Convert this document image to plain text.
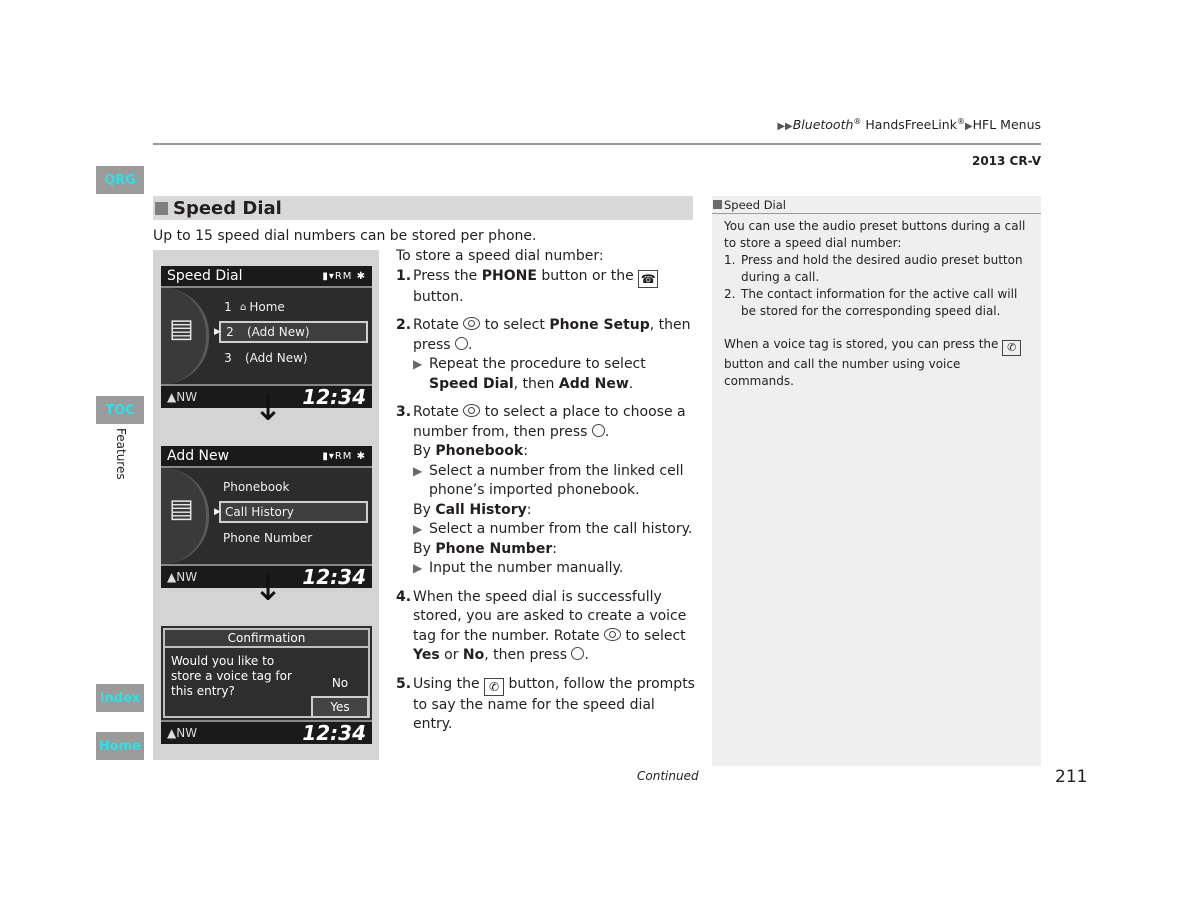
▶▶Bluetooth® HandsFreeLink®▶HFL Menus
2013 CR-V
QRG
TOC
Features
Index
Home
Speed Dial
Up to 15 speed dial numbers can be stored per phone.
Speed Dial	▮▾RM ✱
▤
1 ⌂ Home
▶ 2	(Add New)
3	(Add New)
▲NW	12:34
↓
Add New	▮▾RM ✱
▤
Phonebook
▶ Call History
Phone Number
▲NW	12:34
↓
Confirmation
Would you like to store a voice tag for this entry?
No
Yes
▲NW	12:34

To store a speed dial number:

1. Press the PHONE button or the ☎ button.
2. Rotate  to select Phone Setup, then press .
▶ Repeat the procedure to select Speed Dial, then Add New.
3. Rotate  to select a place to choose a number from, then press .

By Phonebook:

▶ Select a number from the linked cell phone’s imported phonebook.

By Call History:

▶ Select a number from the call history.

By Phone Number:

▶ Input the number manually.
4. When the speed dial is successfully stored, you are asked to create a voice tag for the number. Rotate  to select Yes or No, then press .
5. Using the ✆ button, follow the prompts to say the name for the speed dial entry.
Speed Dial

You can use the audio preset buttons during a call to store a speed dial number:

1. Press and hold the desired audio preset button during a call.
2. The contact information for the active call will be stored for the corresponding speed dial.

When a voice tag is stored, you can press the ✆ button and call the number using voice commands.

Continued	211
